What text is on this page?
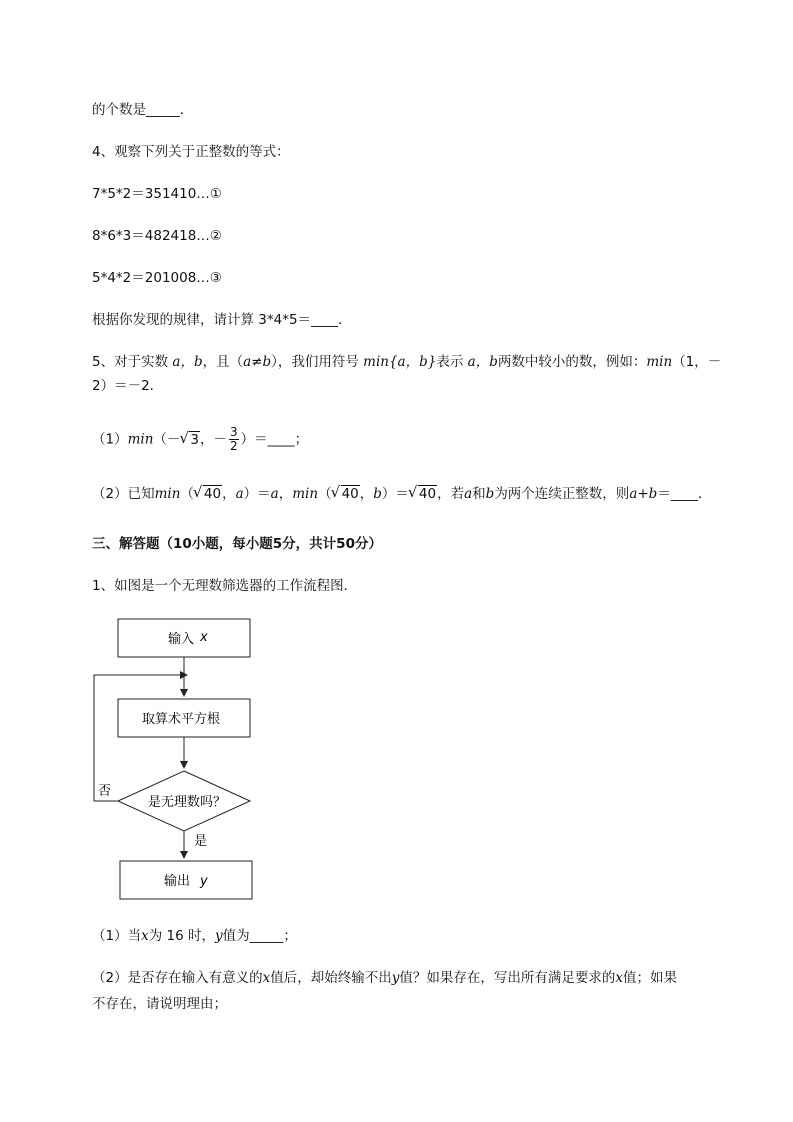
的个数是_____．
4、观察下列关于正整数的等式：
7*5*2＝351410…①
8*6*3＝482418…②
5*4*2＝201008…③
根据你发现的规律，请计算 3*4*5＝____．
5、对于实数 a，b，且（a≠b），我们用符号 min{a，b}表示 a，b两数中较小的数，例如：min（1，－
2）＝－2．
（1）min（－ √ 3，－ $\frac{3}{2}$ ）＝____；
（2）已知min（ √ 40，a）＝a，min（ √ 40，b）＝ √ 40，若a和b为两个连续正整数，则a+b＝____．
三、解答题（10小题，每小题5分，共计50分）
1、如图是一个无理数筛选器的工作流程图．
输入 x
取算术平方根
是无理数吗？
否
是
输出 y
（1）当x为 16 时，y值为_____；
（2）是否存在输入有意义的x值后，却始终输不出y值？如果存在，写出所有满足要求的x值；如果
不存在，请说明理由；
